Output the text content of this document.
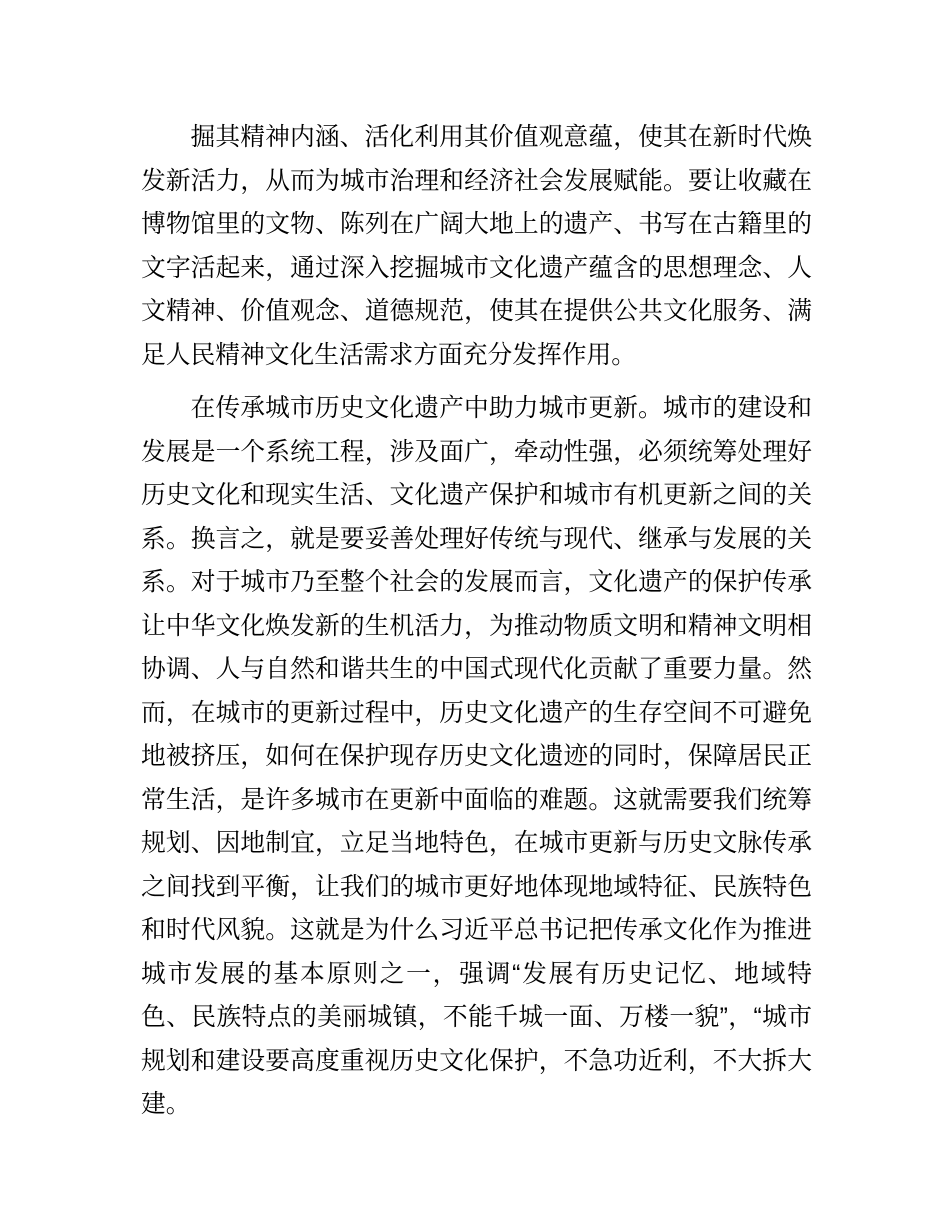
掘其精神内涵、活化利用其价值观意蕴，使其在新时代焕发新活力，从而为城市治理和经济社会发展赋能。要让收藏在博物馆里的文物、陈列在广阔大地上的遗产、书写在古籍里的文字活起来，通过深入挖掘城市文化遗产蕴含的思想理念、人文精神、价值观念、道德规范，使其在提供公共文化服务、满足人民精神文化生活需求方面充分发挥作用。

在传承城市历史文化遗产中助力城市更新。城市的建设和发展是一个系统工程，涉及面广，牵动性强，必须统筹处理好历史文化和现实生活、文化遗产保护和城市有机更新之间的关系。换言之，就是要妥善处理好传统与现代、继承与发展的关系。对于城市乃至整个社会的发展而言，文化遗产的保护传承让中华文化焕发新的生机活力，为推动物质文明和精神文明相协调、人与自然和谐共生的中国式现代化贡献了重要力量。然而，在城市的更新过程中，历史文化遗产的生存空间不可避免地被挤压，如何在保护现存历史文化遗迹的同时，保障居民正常生活，是许多城市在更新中面临的难题。这就需要我们统筹规划、因地制宜，立足当地特色，在城市更新与历史文脉传承之间找到平衡，让我们的城市更好地体现地域特征、民族特色和时代风貌。这就是为什么习近平总书记把传承文化作为推进城市发展的基本原则之一，强调“发展有历史记忆、地域特色、民族特点的美丽城镇，不能千城一面、万楼一貌”，“城市规划和建设要高度重视历史文化保护，不急功近利，不大拆大建。
